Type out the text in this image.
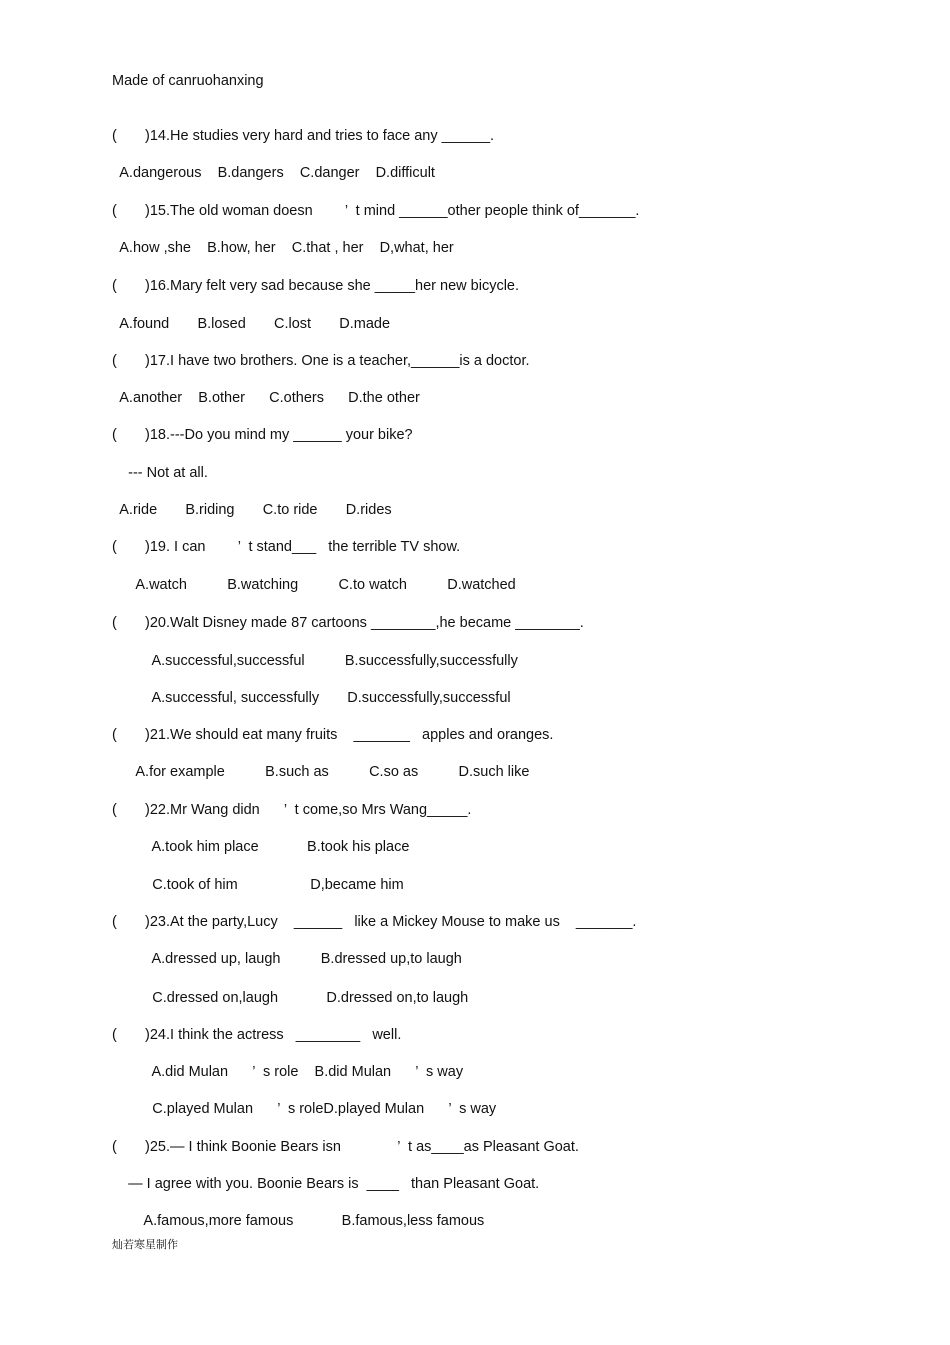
Made of canruohanxing
(       )14.He studies very hard and tries to face any ______.
A.dangerous    B.dangers    C.danger    D.difficult
(       )15.The old woman doesn        ’  t mind ______other people think of_______.
A.how ,she    B.how, her    C.that , her    D,what, her
(       )16.Mary felt very sad because she _____her new bicycle.
A.found       B.losed       C.lost       D.made
(       )17.I have two brothers. One is a teacher,______is a doctor.
A.another    B.other      C.others      D.the other
(       )18.---Do you mind my ______ your bike?
--- Not at all.
A.ride       B.riding       C.to ride       D.rides
(       )19. I can        ’  t stand___   the terrible TV show.
A.watch          B.watching          C.to watch          D.watched
(       )20.Walt Disney made 87 cartoons ________,he became ________.
A.successful,successful          B.successfully,successfully
A.successful, successfully       D.successfully,successful
(       )21.We should eat many fruits    _______   apples and oranges.
A.for example          B.such as          C.so as          D.such like
(       )22.Mr Wang didn      ’  t come,so Mrs Wang_____.
A.took him place            B.took his place
C.took of him                  D,became him
(       )23.At the party,Lucy    ______   like a Mickey Mouse to make us    _______.
A.dressed up, laugh          B.dressed up,to laugh
C.dressed on,laugh            D.dressed on,to laugh
(       )24.I think the actress   ________   well.
A.did Mulan      ’  s role    B.did Mulan      ’  s way
C.played Mulan      ’  s roleD.played Mulan      ’  s way
(       )25.— I think Boonie Bears isn              ’  t as____as Pleasant Goat.
— I agree with you. Boonie Bears is  ____   than Pleasant Goat.
A.famous,more famous            B.famous,less famous
灿若寒星制作
